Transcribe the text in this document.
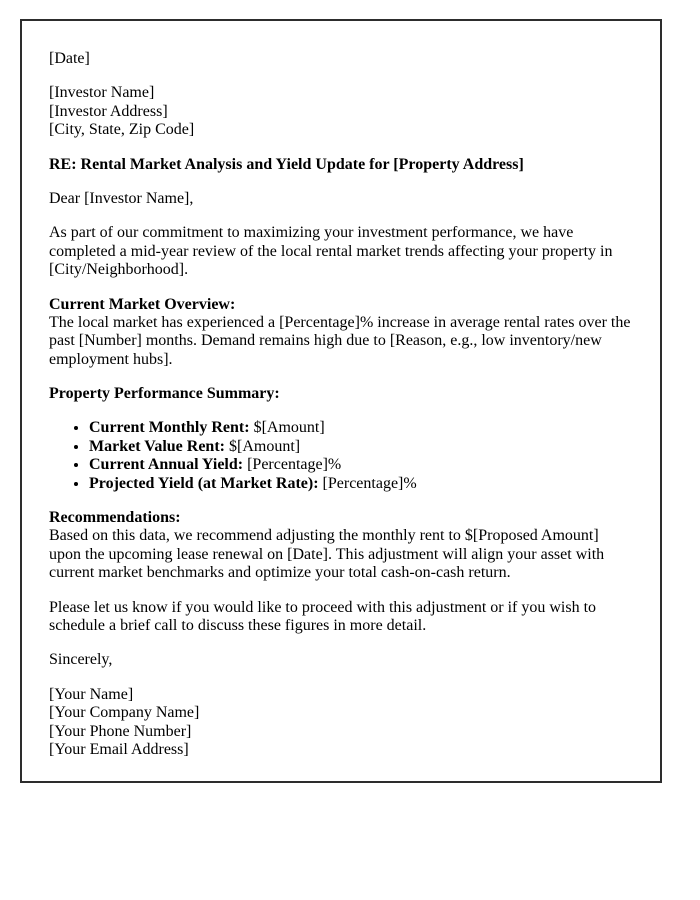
[Date]

[Investor Name]
[Investor Address]
[City, State, Zip Code]

RE: Rental Market Analysis and Yield Update for [Property Address]

Dear [Investor Name],

As part of our commitment to maximizing your investment performance, we have completed a mid-year review of the local rental market trends affecting your property in [City/Neighborhood].

Current Market Overview:
The local market has experienced a [Percentage]% increase in average rental rates over the past [Number] months. Demand remains high due to [Reason, e.g., low inventory/new employment hubs].

Property Performance Summary:

• Current Monthly Rent: $[Amount]
• Market Value Rent: $[Amount]
• Current Annual Yield: [Percentage]%
• Projected Yield (at Market Rate): [Percentage]%

Recommendations:
Based on this data, we recommend adjusting the monthly rent to $[Proposed Amount] upon the upcoming lease renewal on [Date]. This adjustment will align your asset with current market benchmarks and optimize your total cash-on-cash return.

Please let us know if you would like to proceed with this adjustment or if you wish to schedule a brief call to discuss these figures in more detail.

Sincerely,

[Your Name]
[Your Company Name]
[Your Phone Number]
[Your Email Address]
